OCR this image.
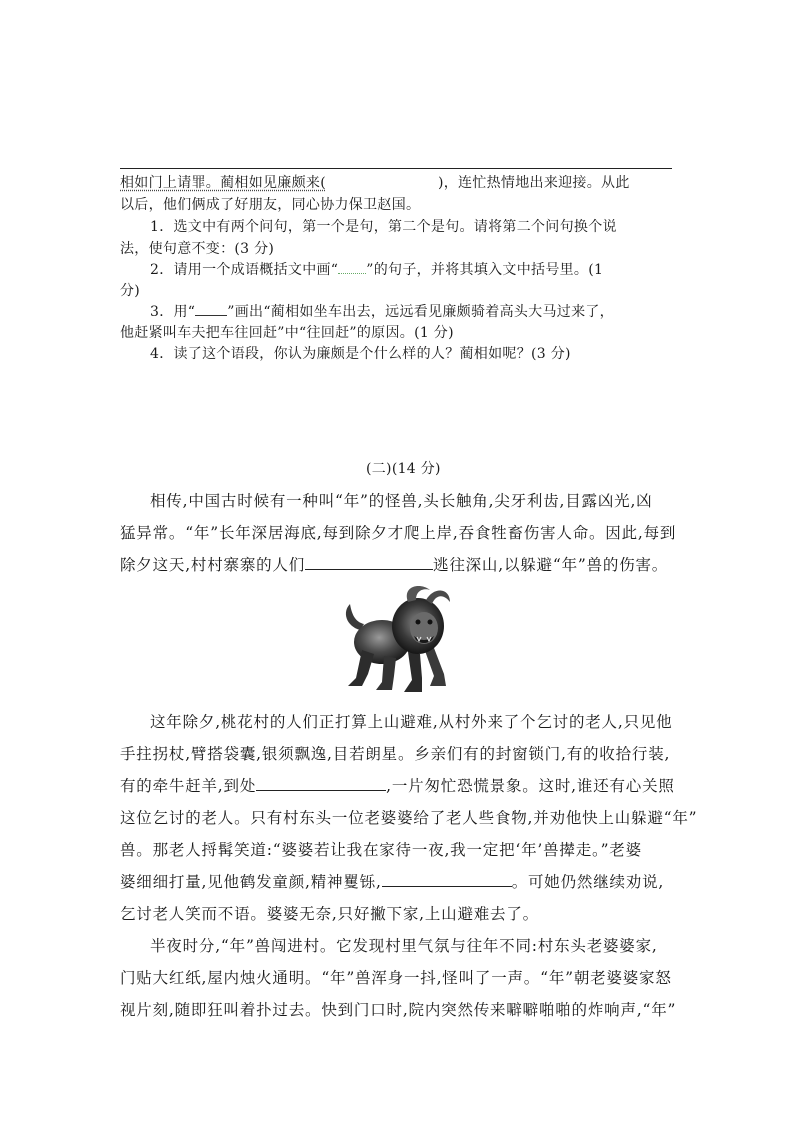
相如门上请罪。蔺相如见廉颇来(	)，连忙热情地出来迎接。从此
以后，他们俩成了好朋友，同心协力保卫赵国。
1．选文中有两个问句，第一个是句，第二个是句。请将第二个问句换个说
法，使句意不变：(3 分)
2．请用一个成语概括文中画“ ”的句子，并将其填入文中括号里。(1
分)
3．用“ ”画出“蔺相如坐车出去，远远看见廉颇骑着高头大马过来了，
他赶紧叫车夫把车往回赶”中“往回赶”的原因。(1 分)
4．读了这个语段，你认为廉颇是个什么样的人？蔺相如呢？(3 分)
(二)(14 分)
相传,中国古时候有一种叫“年”的怪兽,头长触角,尖牙利齿,目露凶光,凶
猛异常。“年”长年深居海底,每到除夕才爬上岸,吞食牲畜伤害人命。因此,每到
除夕这天,村村寨寨的人们	逃往深山,以躲避“年”兽的伤害。
这年除夕,桃花村的人们正打算上山避难,从村外来了个乞讨的老人,只见他
手拄拐杖,臂搭袋囊,银须飘逸,目若朗星。乡亲们有的封窗锁门,有的收拾行装,
有的牵牛赶羊,到处	,一片匆忙恐慌景象。这时,谁还有心关照
这位乞讨的老人。只有村东头一位老婆婆给了老人些食物,并劝他快上山躲避“年”
兽。那老人捋髯笑道:“婆婆若让我在家待一夜,我一定把‘年’兽撵走。”老婆
婆细细打量,见他鹤发童颜,精神矍铄,	。可她仍然继续劝说,
乞讨老人笑而不语。婆婆无奈,只好撇下家,上山避难去了。
半夜时分,“年”兽闯进村。它发现村里气氛与往年不同:村东头老婆婆家,
门贴大红纸,屋内烛火通明。“年”兽浑身一抖,怪叫了一声。“年”朝老婆婆家怒
视片刻,随即狂叫着扑过去。快到门口时,院内突然传来噼噼啪啪的炸响声,“年”
